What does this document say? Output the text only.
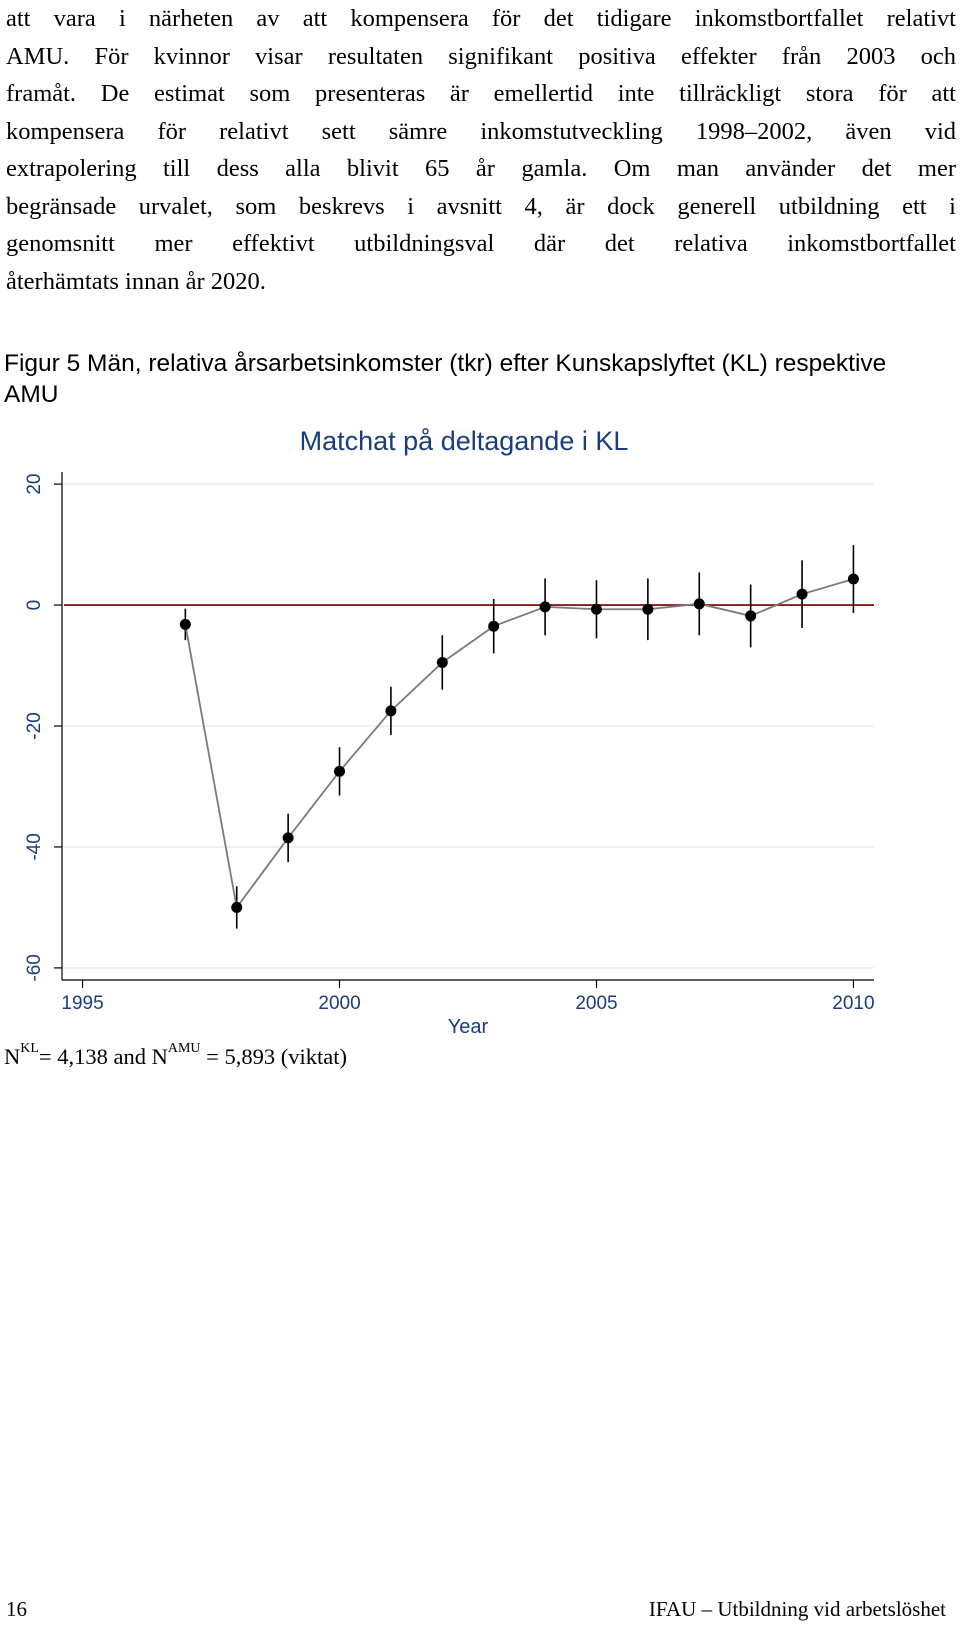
att vara i närheten av att kompensera för det tidigare inkomstbortfallet relativt
AMU. För kvinnor visar resultaten signifikant positiva effekter från 2003 och
framåt. De estimat som presenteras är emellertid inte tillräckligt stora för att
kompensera för relativt sett sämre inkomstutveckling 1998–2002, även vid
extrapolering till dess alla blivit 65 år gamla. Om man använder det mer
begränsade urvalet, som beskrevs i avsnitt 4, är dock generell utbildning ett i
genomsnitt mer effektivt utbildningsval där det relativa inkomstbortfallet
återhämtats innan år 2020.

Figur 5 Män, relativa årsarbetsinkomster (tkr) efter Kunskapslyftet (KL) respektive AMU

Matchat på deltagande i KL
20
0
-20
-40
-60
1995	2000	2005	2010
Year

$N^{KL}= 4,138$ and $N^{AMU} = 5,893$ (viktat)

16	IFAU – Utbildning vid arbetslöshet
